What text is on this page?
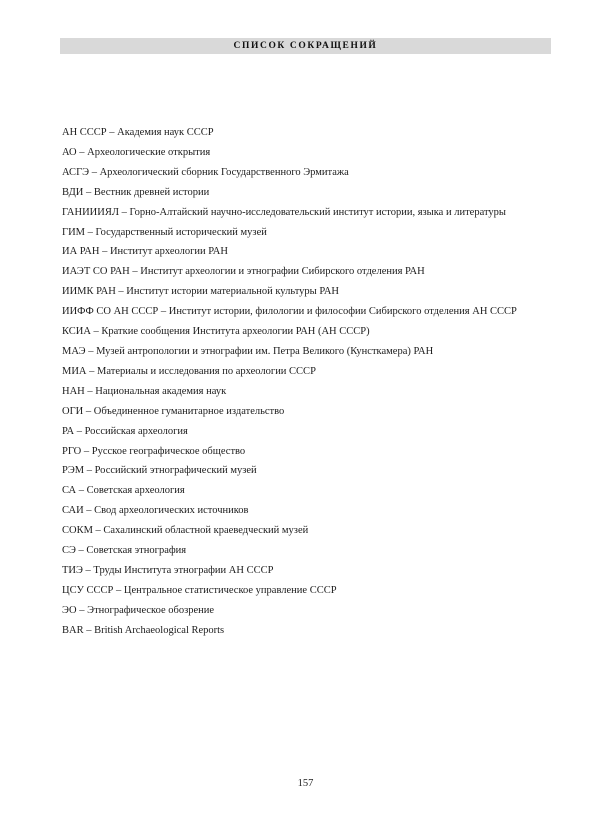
СПИСОК СОКРАЩЕНИЙ

АН СССР – Академия наук СССР

АО – Археологические открытия

АСГЭ – Археологический сборник Государственного Эрмитажа

ВДИ – Вестник древней истории

ГАНИИИЯЛ – Горно-Алтайский научно-исследовательский институт истории, языка и литературы

ГИМ – Государственный исторический музей

ИА РАН – Институт археологии РАН

ИАЭТ СО РАН – Институт археологии и этнографии Сибирского отделения РАН

ИИМК РАН – Институт истории материальной культуры РАН

ИИФФ СО АН СССР – Институт истории, филологии и философии Сибирского отделения АН СССР

КСИА – Краткие сообщения Института археологии РАН (АН СССР)

МАЭ – Музей антропологии и этнографии им. Петра Великого (Кунсткамера) РАН

МИА – Материалы и исследования по археологии СССР

НАН – Национальная академия наук

ОГИ – Объединенное гуманитарное издательство

РА – Российская археология

РГО – Русское географическое общество

РЭМ – Российский этнографический музей

СА – Советская археология

САИ – Свод археологических источников

СОКМ – Сахалинский областной краеведческий музей

СЭ – Советская этнография

ТИЭ – Труды Института этнографии АН СССР

ЦСУ СССР – Центральное статистическое управление СССР

ЭО – Этнографическое обозрение

BAR – British Archaeological Reports

157
